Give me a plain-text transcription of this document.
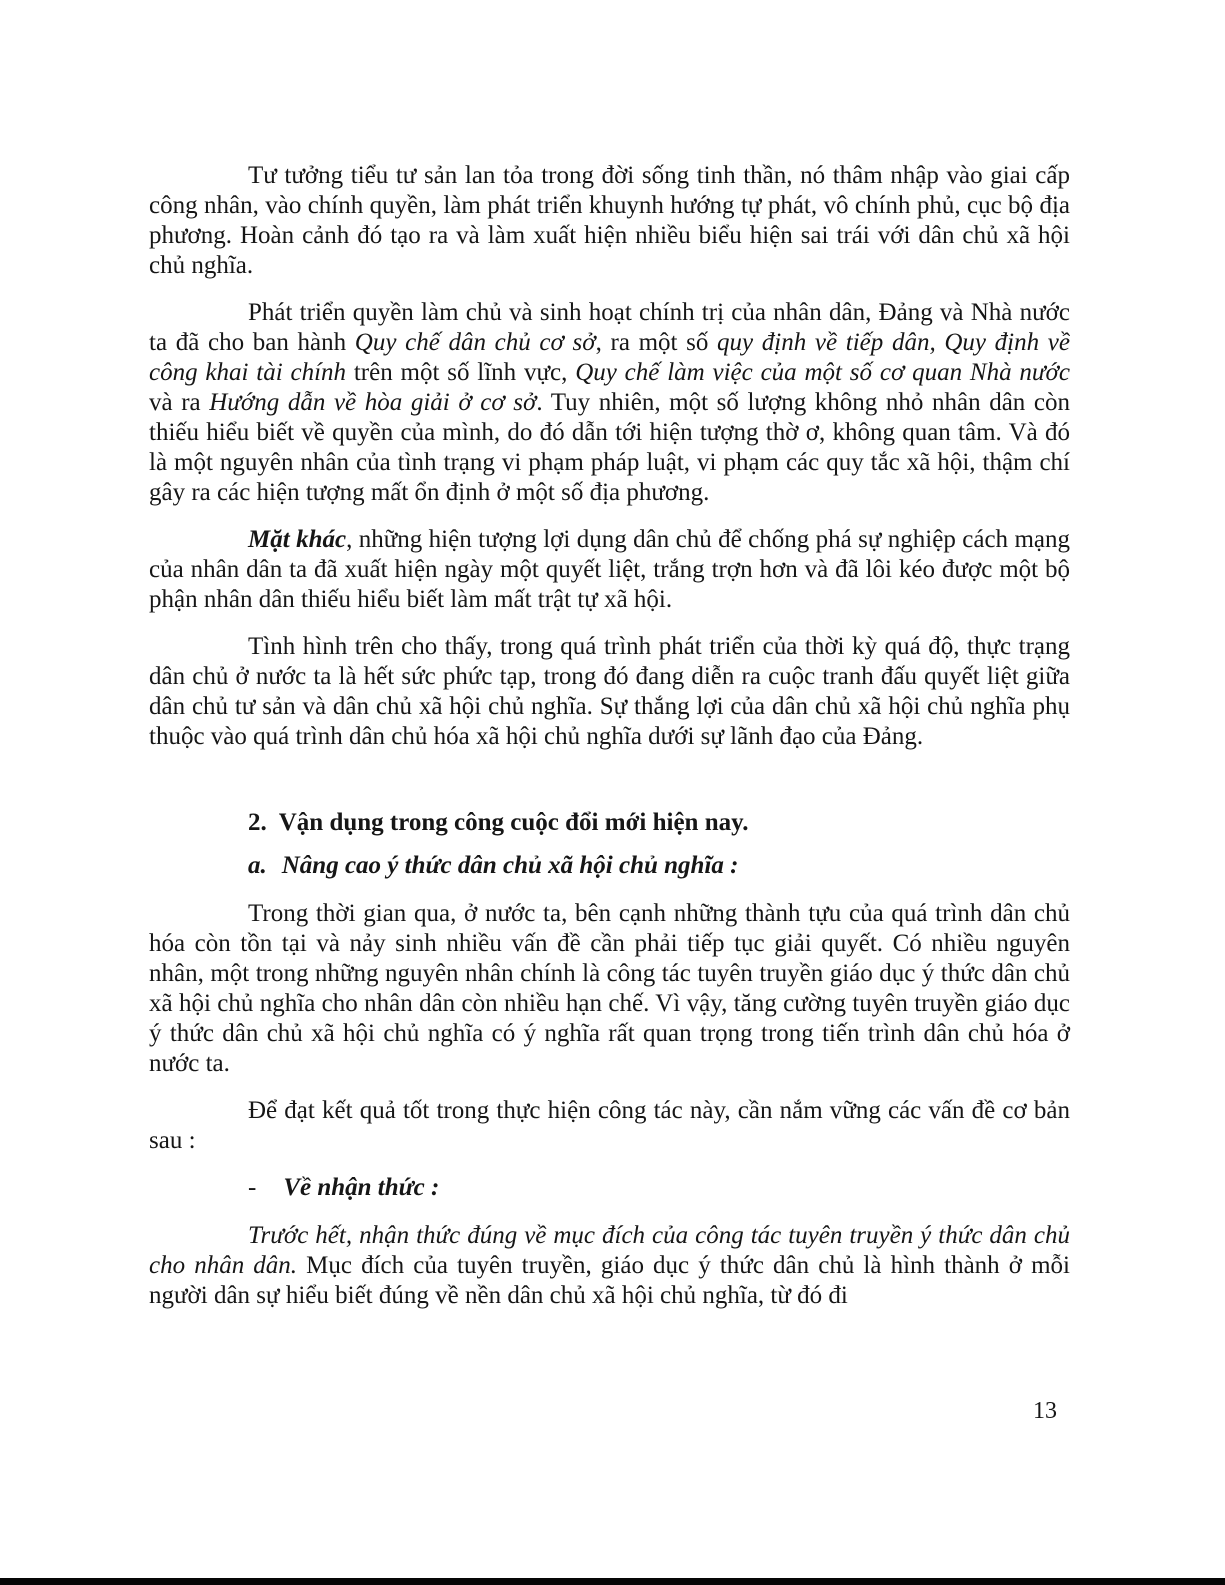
Tư tưởng tiểu tư sản lan tỏa trong đời sống tinh thần, nó thâm nhập vào giai cấp công nhân, vào chính quyền, làm phát triển khuynh hướng tự phát, vô chính phủ, cục bộ địa phương. Hoàn cảnh đó tạo ra và làm xuất hiện nhiều biểu hiện sai trái với dân chủ xã hội chủ nghĩa.

Phát triển quyền làm chủ và sinh hoạt chính trị của nhân dân, Đảng và Nhà nước ta đã cho ban hành Quy chế dân chủ cơ sở, ra một số quy định về tiếp dân, Quy định về công khai tài chính trên một số lĩnh vực, Quy chế làm việc của một số cơ quan Nhà nước và ra Hướng dẫn về hòa giải ở cơ sở. Tuy nhiên, một số lượng không nhỏ nhân dân còn thiếu hiểu biết về quyền của mình, do đó dẫn tới hiện tượng thờ ơ, không quan tâm. Và đó là một nguyên nhân của tình trạng vi phạm pháp luật, vi phạm các quy tắc xã hội, thậm chí gây ra các hiện tượng mất ổn định ở một số địa phương.

Mặt khác, những hiện tượng lợi dụng dân chủ để chống phá sự nghiệp cách mạng của nhân dân ta đã xuất hiện ngày một quyết liệt, trắng trợn hơn và đã lôi kéo được một bộ phận nhân dân thiếu hiểu biết làm mất trật tự xã hội.

Tình hình trên cho thấy, trong quá trình phát triển của thời kỳ quá độ, thực trạng dân chủ ở nước ta là hết sức phức tạp, trong đó đang diễn ra cuộc tranh đấu quyết liệt giữa dân chủ tư sản và dân chủ xã hội chủ nghĩa. Sự thắng lợi của dân chủ xã hội chủ nghĩa phụ thuộc vào quá trình dân chủ hóa xã hội chủ nghĩa dưới sự lãnh đạo của Đảng.

2. Vận dụng trong công cuộc đổi mới hiện nay.
a. Nâng cao ý thức dân chủ xã hội chủ nghĩa :

Trong thời gian qua, ở nước ta, bên cạnh những thành tựu của quá trình dân chủ hóa còn tồn tại và nảy sinh nhiều vấn đề cần phải tiếp tục giải quyết. Có nhiều nguyên nhân, một trong những nguyên nhân chính là công tác tuyên truyền giáo dục ý thức dân chủ xã hội chủ nghĩa cho nhân dân còn nhiều hạn chế. Vì vậy, tăng cường tuyên truyền giáo dục ý thức dân chủ xã hội chủ nghĩa có ý nghĩa rất quan trọng trong tiến trình dân chủ hóa ở nước ta.

Để đạt kết quả tốt trong thực hiện công tác này, cần nắm vững các vấn đề cơ bản sau :

- Về nhận thức :

Trước hết, nhận thức đúng về mục đích của công tác tuyên truyền ý thức dân chủ cho nhân dân. Mục đích của tuyên truyền, giáo dục ý thức dân chủ là hình thành ở mỗi người dân sự hiểu biết đúng về nền dân chủ xã hội chủ nghĩa, từ đó đi

13
